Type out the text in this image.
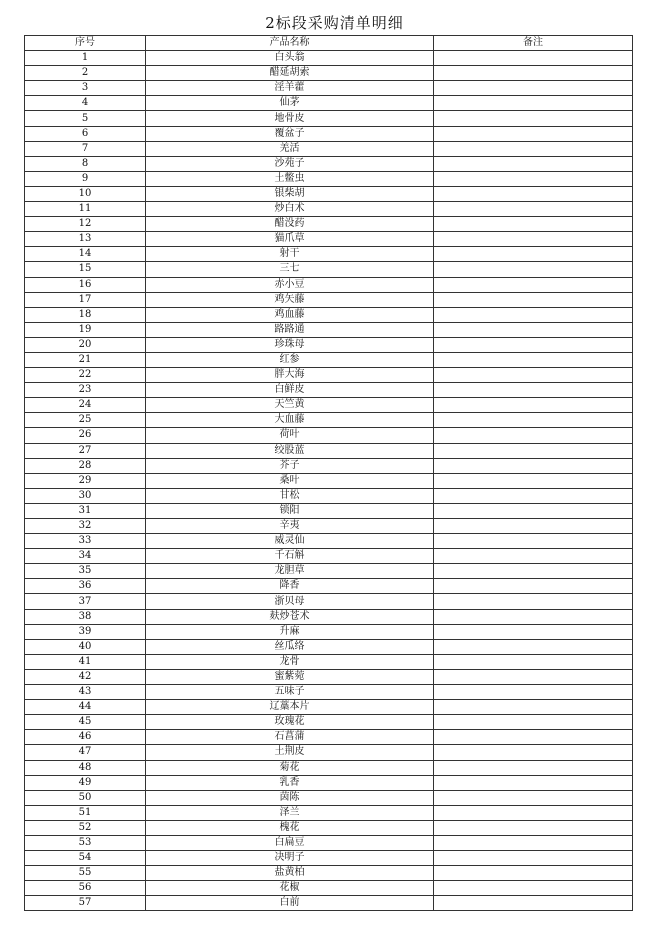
2标段采购清单明细
序号	产品名称	备注
1	白头翁	
2	醋延胡索	
3	淫羊藿	
4	仙茅	
5	地骨皮	
6	覆盆子	
7	羌活	
8	沙苑子	
9	土鳖虫	
10	银柴胡	
11	炒白术	
12	醋没药	
13	猫爪草	
14	射干	
15	三七	
16	赤小豆	
17	鸡矢藤	
18	鸡血藤	
19	路路通	
20	珍珠母	
21	红参	
22	胖大海	
23	白鲜皮	
24	天竺黄	
25	大血藤	
26	荷叶	
27	绞股蓝	
28	芥子	
29	桑叶	
30	甘松	
31	锁阳	
32	辛夷	
33	威灵仙	
34	千石斛	
35	龙胆草	
36	降香	
37	浙贝母	
38	麸炒苍术	
39	升麻	
40	丝瓜络	
41	龙骨	
42	蜜紫菀	
43	五味子	
44	辽藁本片	
45	玫瑰花	
46	石菖蒲	
47	土荆皮	
48	菊花	
49	乳香	
50	茵陈	
51	泽兰	
52	槐花	
53	白扁豆	
54	决明子	
55	盐黄柏	
56	花椒	
57	白前	
